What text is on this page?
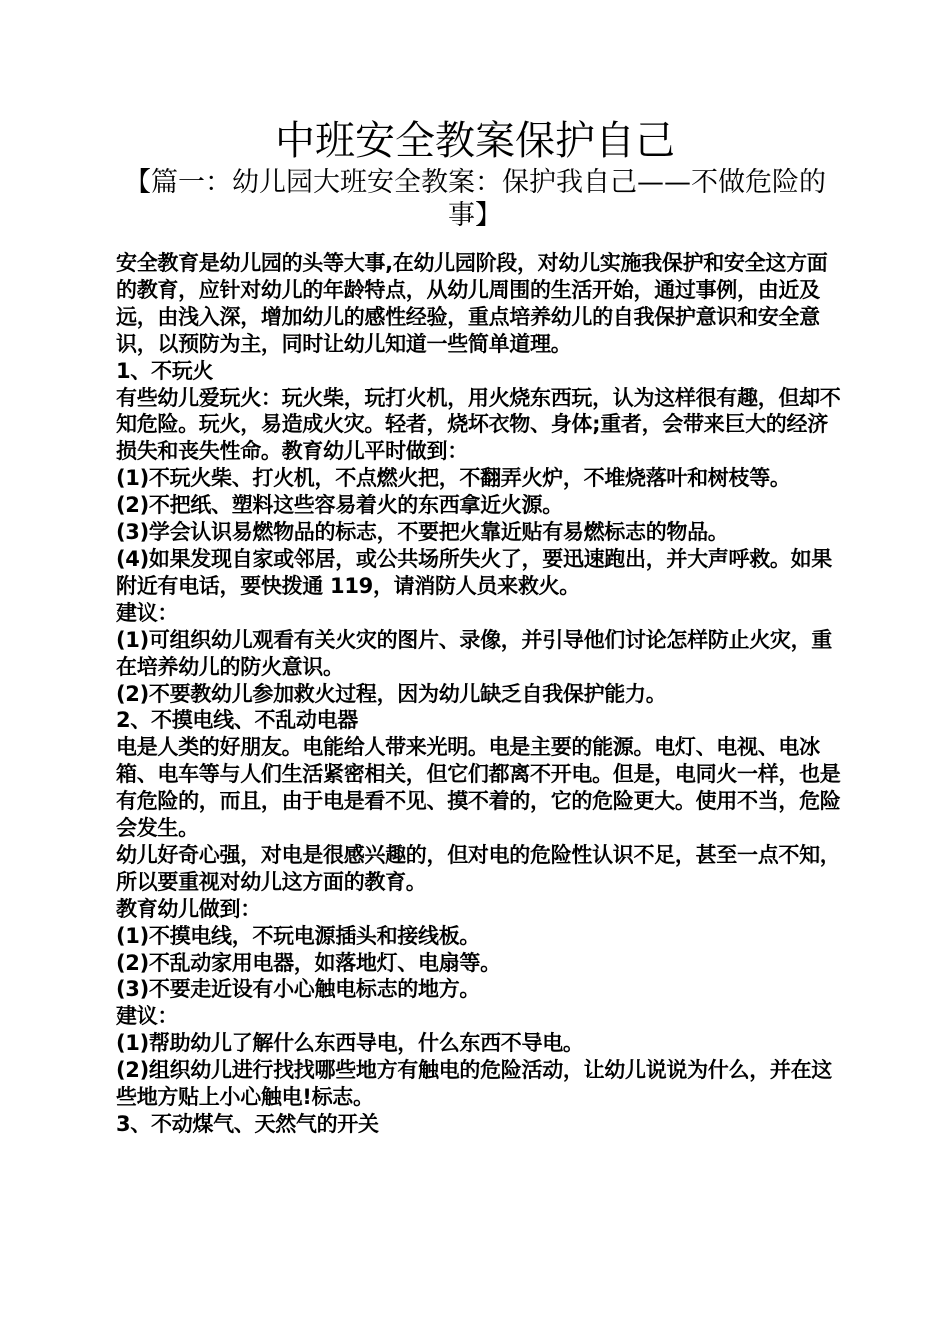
中班安全教案保护自己
【篇一：幼儿园大班安全教案：保护我自己——不做危险的事】

安全教育是幼儿园的头等大事,在幼儿园阶段，对幼儿实施我保护和安全这方面的教育，应针对幼儿的年龄特点，从幼儿周围的生活开始，通过事例，由近及远，由浅入深，增加幼儿的感性经验，重点培养幼儿的自我保护意识和安全意识，以预防为主，同时让幼儿知道一些简单道理。

1、不玩火

有些幼儿爱玩火：玩火柴，玩打火机，用火烧东西玩，认为这样很有趣，但却不知危险。玩火，易造成火灾。轻者，烧坏衣物、身体;重者，会带来巨大的经济损失和丧失性命。教育幼儿平时做到：

(1)不玩火柴、打火机，不点燃火把，不翻弄火炉，不堆烧落叶和树枝等。

(2)不把纸、塑料这些容易着火的东西拿近火源。

(3)学会认识易燃物品的标志，不要把火靠近贴有易燃标志的物品。

(4)如果发现自家或邻居，或公共场所失火了，要迅速跑出，并大声呼救。如果附近有电话，要快拨通 119，请消防人员来救火。

建议：

(1)可组织幼儿观看有关火灾的图片、录像，并引导他们讨论怎样防止火灾，重在培养幼儿的防火意识。

(2)不要教幼儿参加救火过程，因为幼儿缺乏自我保护能力。

2、不摸电线、不乱动电器

电是人类的好朋友。电能给人带来光明。电是主要的能源。电灯、电视、电冰箱、电车等与人们生活紧密相关，但它们都离不开电。但是，电同火一样，也是有危险的，而且，由于电是看不见、摸不着的，它的危险更大。使用不当，危险会发生。

幼儿好奇心强，对电是很感兴趣的，但对电的危险性认识不足，甚至一点不知，所以要重视对幼儿这方面的教育。

教育幼儿做到：

(1)不摸电线，不玩电源插头和接线板。

(2)不乱动家用电器，如落地灯、电扇等。

(3)不要走近设有小心触电标志的地方。

建议：

(1)帮助幼儿了解什么东西导电，什么东西不导电。

(2)组织幼儿进行找找哪些地方有触电的危险活动，让幼儿说说为什么，并在这些地方贴上小心触电!标志。

3、不动煤气、天然气的开关
